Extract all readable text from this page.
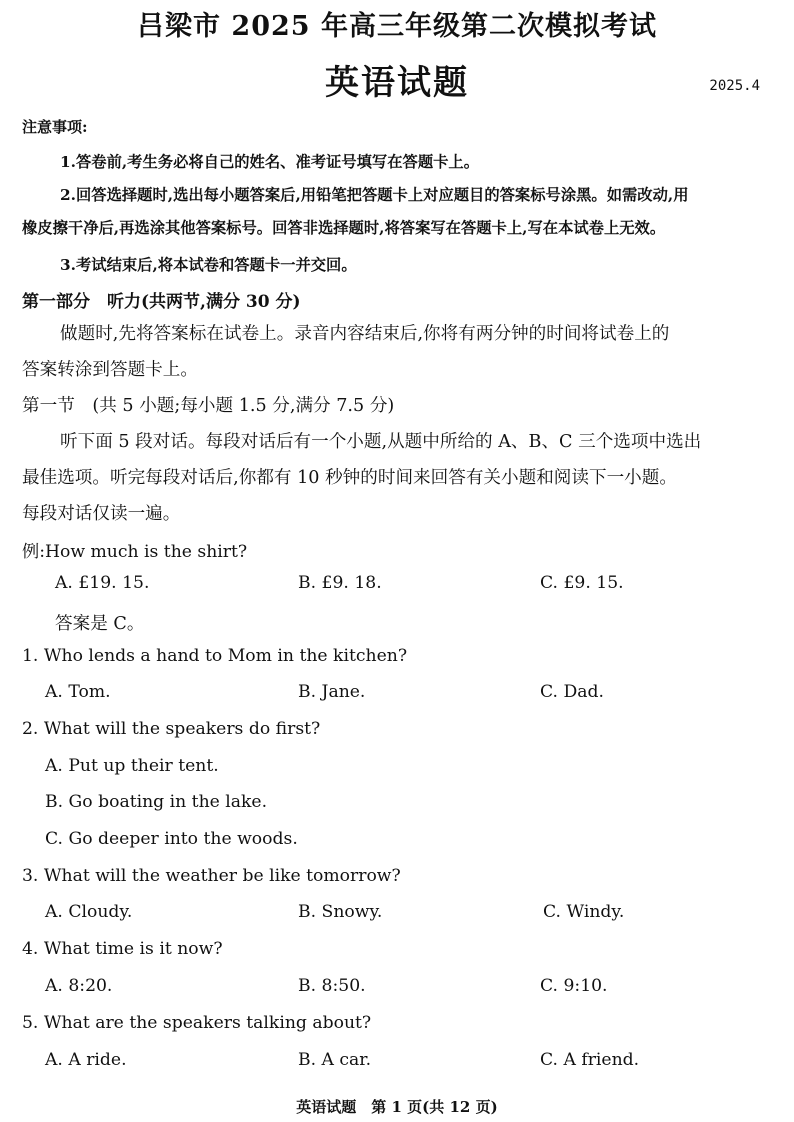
吕梁市 2025 年高三年级第二次模拟考试
英语试题	2025.4
注意事项:
1.答卷前,考生务必将自己的姓名、准考证号填写在答题卡上。
2.回答选择题时,选出每小题答案后,用铅笔把答题卡上对应题目的答案标号涂黑。如需改动,用
橡皮擦干净后,再选涂其他答案标号。回答非选择题时,将答案写在答题卡上,写在本试卷上无效。
3.考试结束后,将本试卷和答题卡一并交回。
第一部分　听力(共两节,满分 30 分)
做题时,先将答案标在试卷上。录音内容结束后,你将有两分钟的时间将试卷上的
答案转涂到答题卡上。
第一节　(共 5 小题;每小题 1.5 分,满分 7.5 分)
听下面 5 段对话。每段对话后有一个小题,从题中所给的 A、B、C 三个选项中选出
最佳选项。听完每段对话后,你都有 10 秒钟的时间来回答有关小题和阅读下一小题。
每段对话仅读一遍。
例:How much is the shirt?
A. £19. 15.	B. £9. 18.	C. £9. 15.
答案是 C。
1. Who lends a hand to Mom in the kitchen?
A. Tom.	B. Jane.	C. Dad.
2. What will the speakers do first?
A. Put up their tent.
B. Go boating in the lake.
C. Go deeper into the woods.
3. What will the weather be like tomorrow?
A. Cloudy.	B. Snowy.	C. Windy.
4. What time is it now?
A. 8:20.	B. 8:50.	C. 9:10.
5. What are the speakers talking about?
A. A ride.	B. A car.	C. A friend.
英语试题　第 1 页(共 12 页)
